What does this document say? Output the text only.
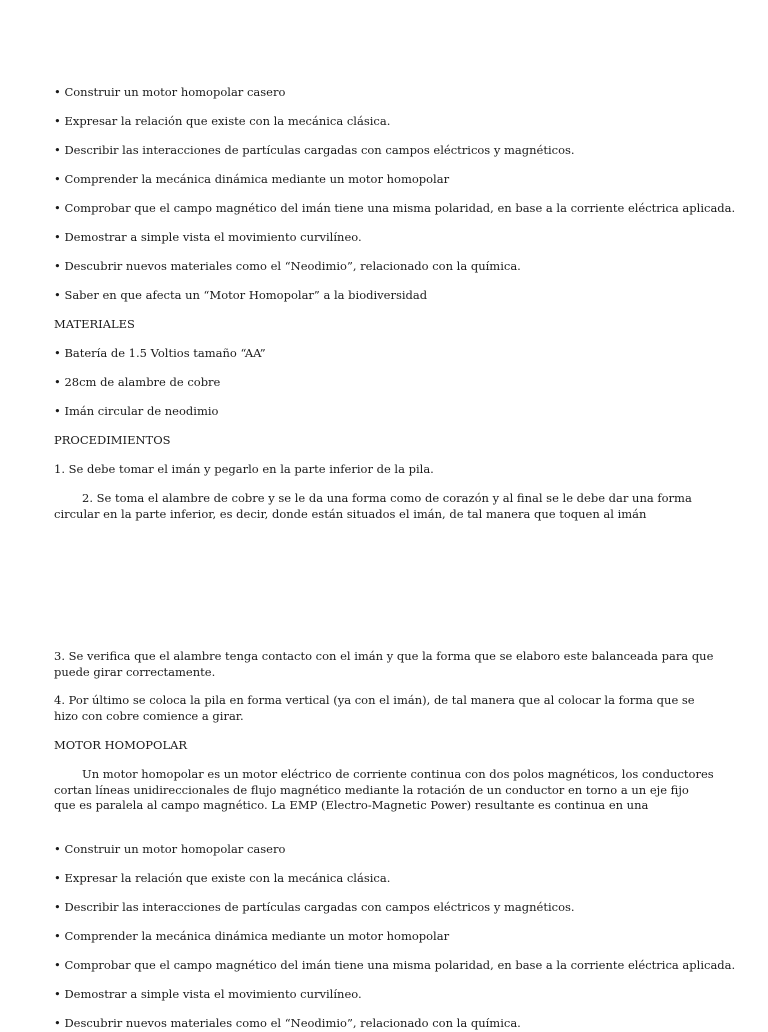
• Construir un motor homopolar casero

• Expresar la relación que existe con la mecánica clásica.

• Describir las interacciones de partículas cargadas con campos eléctricos y magnéticos.

• Comprender la mecánica dinámica mediante un motor homopolar

• Comprobar que el campo magnético del imán tiene una misma polaridad, en base a la corriente eléctrica aplicada.

• Demostrar a simple vista el movimiento curvilíneo.

• Descubrir nuevos materiales como el “Neodimio”, relacionado con la química.

• Saber en que afecta un “Motor Homopolar” a la biodiversidad

MATERIALES

• Batería de 1.5 Voltios tamaño “AA”

• 28cm de alambre de cobre

• Imán circular de neodimio

PROCEDIMIENTOS

1. Se debe tomar el imán y pegarlo en la parte inferior de la pila.

2. Se toma el alambre de cobre y se le da una forma como de corazón y al final se le debe dar una forma circular en la parte inferior, es decir, donde están situados el imán, de tal manera que toquen al imán

3. Se verifica que el alambre tenga contacto con el imán y que la forma que se elaboro este balanceada para que puede girar correctamente.

4. Por último se coloca la pila en forma vertical (ya con el imán), de tal manera que al colocar la forma que se hizo con cobre comience a girar.

MOTOR HOMOPOLAR

Un motor homopolar es un motor eléctrico de corriente continua con dos polos magnéticos, los conductores cortan líneas unidireccionales de flujo magnético mediante la rotación de un conductor en torno a un eje fijo que es paralela al campo magnético. La EMP (Electro-Magnetic Power) resultante es continua en una

• Construir un motor homopolar casero

• Expresar la relación que existe con la mecánica clásica.

• Describir las interacciones de partículas cargadas con campos eléctricos y magnéticos.

• Comprender la mecánica dinámica mediante un motor homopolar

• Comprobar que el campo magnético del imán tiene una misma polaridad, en base a la corriente eléctrica aplicada.

• Demostrar a simple vista el movimiento curvilíneo.

• Descubrir nuevos materiales como el “Neodimio”, relacionado con la química.
